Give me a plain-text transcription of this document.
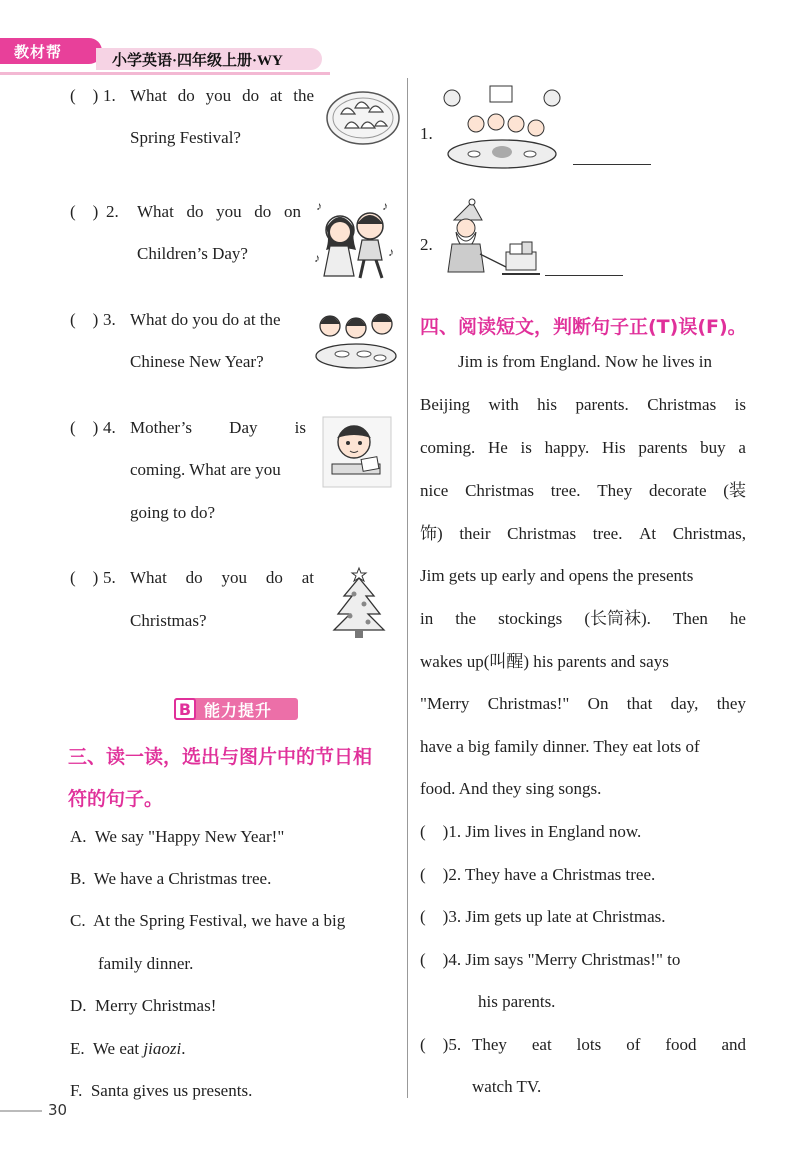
教材帮	小学英语·四年级上册·WY
( ) 1. What do you do at the
Spring Festival?
( ) 2. What do you do on
Children’s Day?
♪	♪
♪	♪
( ) 3. What do you do at the
Chinese New Year?
( ) 4. Mother’s Day is
coming. What are you
going to do?
( ) 5. What do you do at
Christmas?
B 能力提升
三、读一读，选出与图片中的节日相
符的句子。
A. We say "Happy New Year!"
B. We have a Christmas tree.
C. At the Spring Festival, we have a big
family dinner.
D. Merry Christmas!
E. We eat jiaozi.
F. Santa gives us presents.
1.
2.
四、阅读短文，判断句子正(T)误(F)。
Jim is from England. Now he lives in
Beijing with his parents. Christmas is
coming. He is happy. His parents buy a
nice Christmas tree. They decorate (装
饰) their Christmas tree. At Christmas,
Jim gets up early and opens the presents
in the stockings (长筒袜). Then he
wakes up(叫醒) his parents and says
"Merry Christmas!" On that day, they
have a big family dinner. They eat lots of
food. And they sing songs.
( )1. Jim lives in England now.
( )2. They have a Christmas tree.
( )3. Jim gets up late at Christmas.
( )4. Jim says "Merry Christmas!" to
his parents.
( )5. They eat lots of food and
watch TV.
30
